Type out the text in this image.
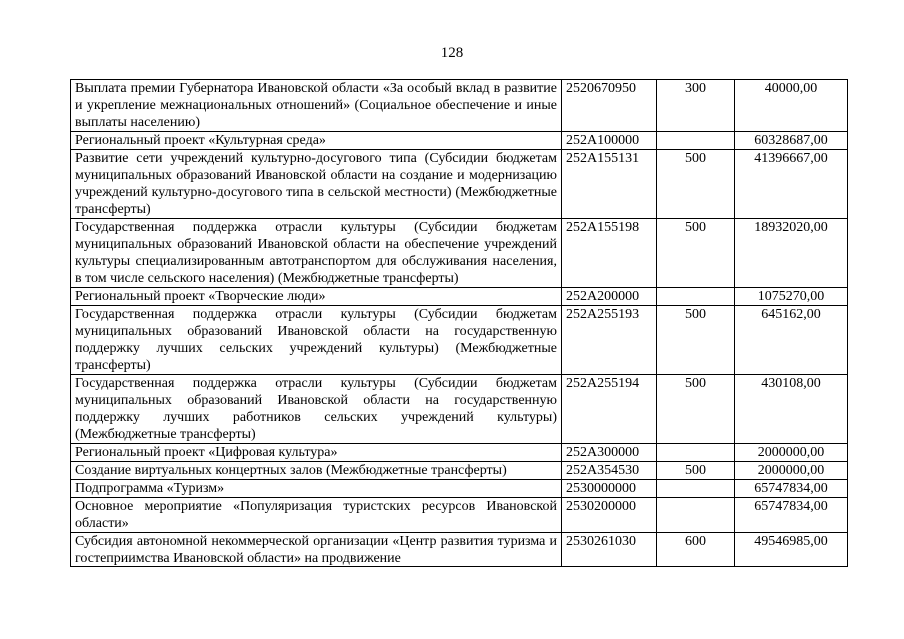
128
Выплата премии Губернатора Ивановской области «За особый вклад в развитие и укрепление межнациональных отношений» (Социальное обеспечение и иные выплаты населению)	2520670950	300	40000,00
Региональный проект «Культурная среда»	252A100000		60328687,00
Развитие сети учреждений культурно-досугового типа (Субсидии бюджетам муниципальных образований Ивановской области на создание и модернизацию учреждений культурно-досугового типа в сельской местности) (Межбюджетные трансферты)	252A155131	500	41396667,00
Государственная поддержка отрасли культуры (Субсидии бюджетам муниципальных образований Ивановской области на обеспечение учреждений культуры специализированным автотранспортом для обслуживания населения, в том числе сельского населения) (Межбюджетные трансферты)	252A155198	500	18932020,00
Региональный проект «Творческие люди»	252A200000		1075270,00
Государственная поддержка отрасли культуры (Субсидии бюджетам муниципальных образований Ивановской области на государственную поддержку лучших сельских учреждений культуры) (Межбюджетные трансферты)	252A255193	500	645162,00
Государственная поддержка отрасли культуры (Субсидии бюджетам муниципальных образований Ивановской области на государственную поддержку лучших работников сельских учреждений культуры) (Межбюджетные трансферты)	252A255194	500	430108,00
Региональный проект «Цифровая культура»	252A300000		2000000,00
Создание виртуальных концертных залов (Межбюджетные трансферты)	252A354530	500	2000000,00
Подпрограмма «Туризм»	2530000000		65747834,00
Основное мероприятие «Популяризация туристских ресурсов Ивановской области»	2530200000		65747834,00

Субсидия автономной некоммерческой организации «Центр развития туризма и гостеприимства Ивановской области» на продвижение	2530261030	600	49546985,00
